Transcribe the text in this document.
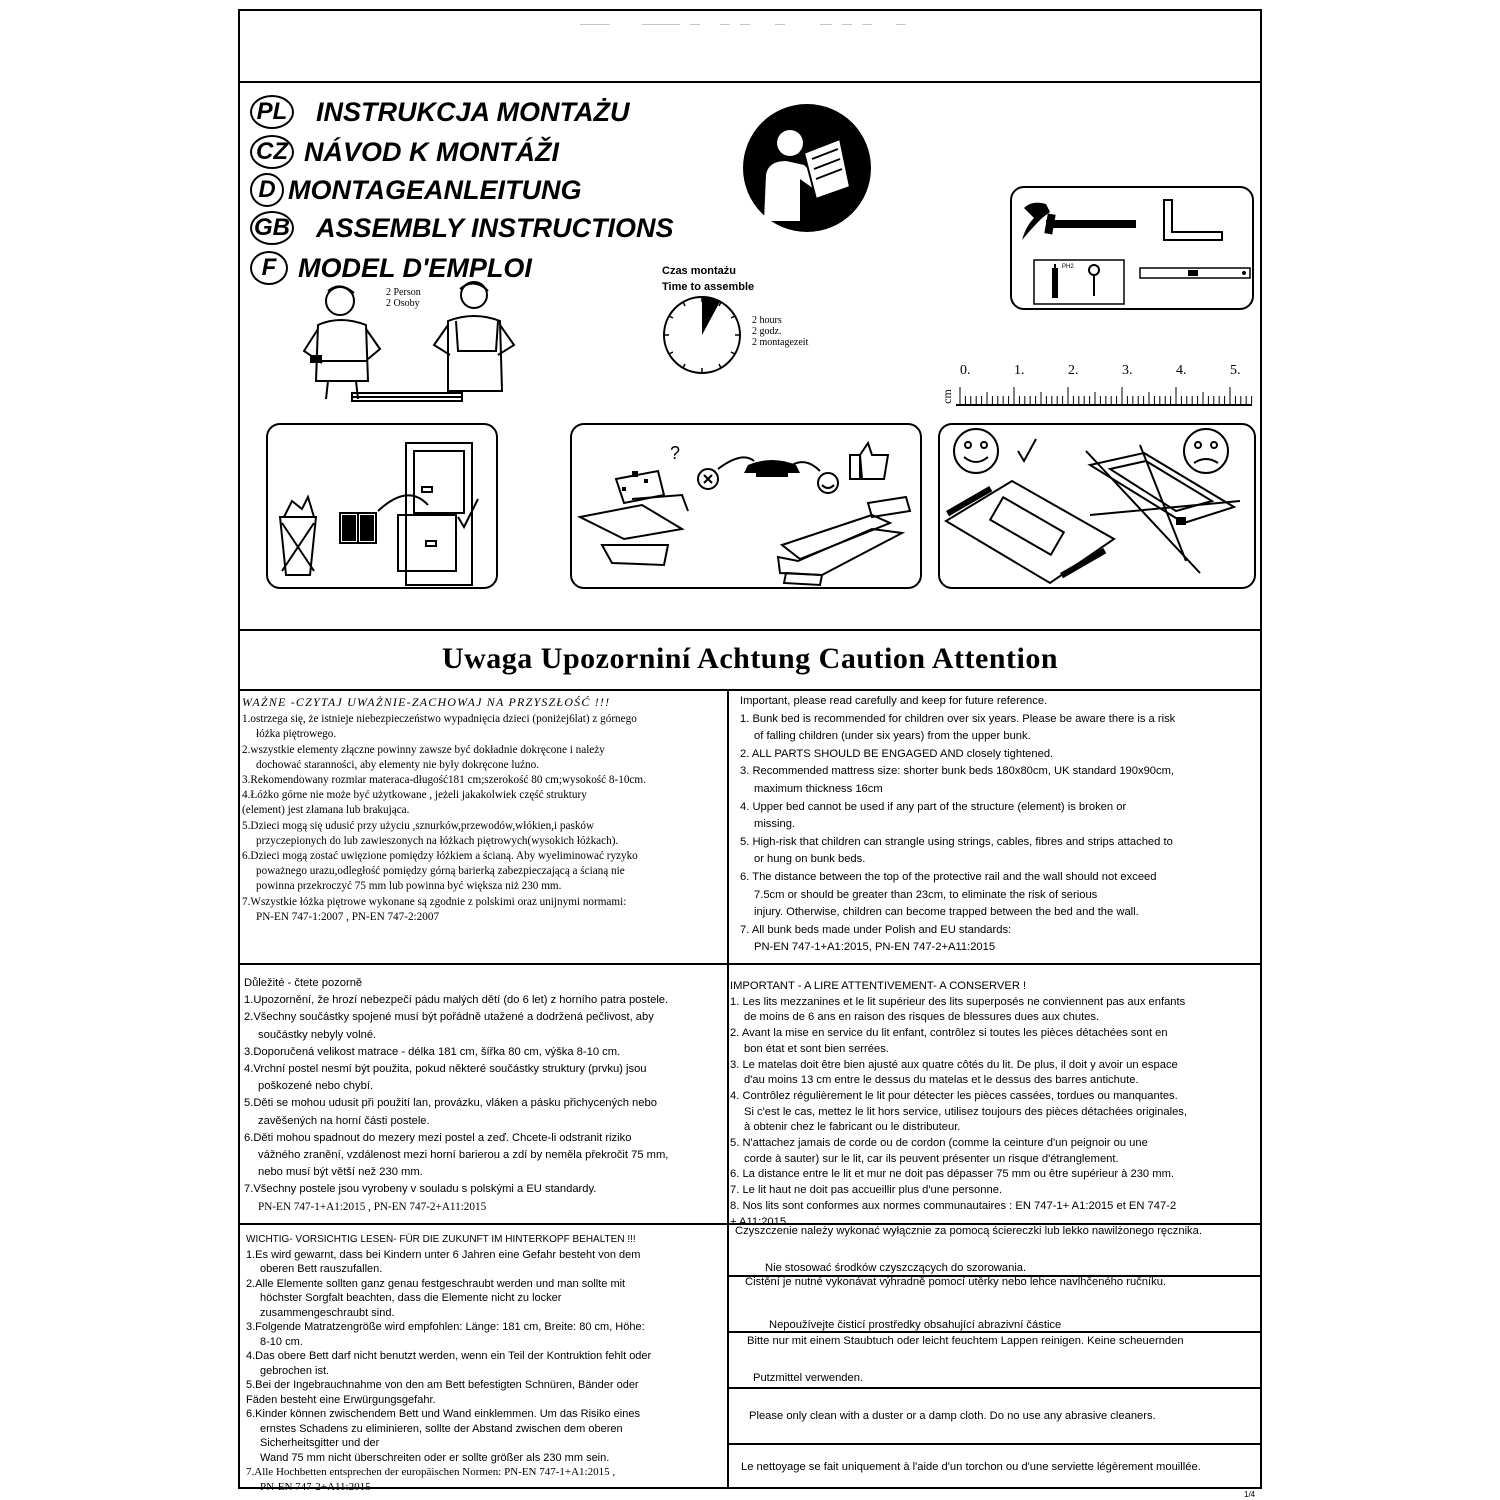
PL INSTRUKCJA MONTAŻU
CZ NÁVOD K MONTÁŽI
D MONTAGEANLEITUNG
GB ASSEMBLY INSTRUCTIONS
F MODEL D'EMPLOI	PH2
2 Person
2 Osoby
Czas montażu
Time to assemble
2 hours
2 godz.
2 montagezeit
0.	1.	2.	3.	4.	5.
cm
?
Uwaga Upozorniní Achtung Caution Attention

WAŻNE -CZYTAJ UWAŻNIE-ZACHOWAJ NA PRZYSZŁOŚĆ !!!

1.ostrzega się, że istnieje niebezpieczeństwo wypadnięcia dzieci (poniżej6lat) z górnego

łóżka piętrowego.

2.wszystkie elementy złączne powinny zawsze być dokładnie dokręcone i należy

dochować staranności, aby elementy nie były dokręcone luźno.

3.Rekomendowany rozmiar materaca-długość181 cm;szerokość 80 cm;wysokość 8-10cm.

4.Łóżko górne nie może być użytkowane , jeżeli jakakolwiek część struktury

(element) jest złamana lub brakująca.

5.Dzieci mogą się udusić przy użyciu ,sznurków,przewodów,włókien,i pasków

przyczepionych do lub zawieszonych na łóżkach piętrowych(wysokich łóżkach).

6.Dzieci mogą zostać uwięzione pomiędzy łóżkiem a ścianą. Aby wyeliminować ryzyko

poważnego urazu,odległość pomiędzy górną barierką zabezpieczającą a ścianą nie

powinna przekroczyć 75 mm lub powinna być większa niż 230 mm.

7.Wszystkie łóżka piętrowe wykonane są zgodnie z polskimi oraz unijnymi normami:

PN-EN 747-1:2007 , PN-EN 747-2:2007

Important, please read carefully and keep for future reference.

1. Bunk bed is recommended for children over six years. Please be aware there is a risk

of falling children (under six years) from the upper bunk.

2. ALL PARTS SHOULD BE ENGAGED AND closely tightened.

3. Recommended mattress size: shorter bunk beds 180x80cm, UK standard 190x90cm,

maximum thickness 16cm

4. Upper bed cannot be used if any part of the structure (element) is broken or

missing.

5. High-risk that children can strangle using strings, cables, fibres and strips attached to

or hung on bunk beds.

6. The distance between the top of the protective rail and the wall should not exceed

7.5cm or should be greater than 23cm, to eliminate the risk of serious

injury. Otherwise, children can become trapped between the bed and the wall.

7. All bunk beds made under Polish and EU standards:

PN-EN 747-1+A1:2015, PN-EN 747-2+A11:2015

Důležité - čtete pozorně

1.Upozornění, že hrozí nebezpečí pádu malých dětí (do 6 let) z horního patra postele.

2.Všechny součástky spojené musí být pořádně utažené a dodržená pečlivost, aby

součástky nebyly volné.

3.Doporučená velikost matrace - délka 181 cm, šířka 80 cm, výška 8-10 cm.

4.Vrchní postel nesmí být použita, pokud některé součástky struktury (prvku) jsou

poškozené nebo chybí.

5.Děti se mohou udusit při použití lan, provázku, vláken a pásku přichycených nebo

zavěšených na horní části postele.

6.Děti mohou spadnout do mezery mezi postel a zeď. Chcete-li odstranit riziko

vážného zranění, vzdálenost mezi horní barierou a zdí by neměla překročit 75 mm,

nebo musí být větší než 230 mm.

7.Všechny postele jsou vyrobeny v souladu s polskými a EU standardy.

PN-EN 747-1+A1:2015 , PN-EN 747-2+A11:2015

IMPORTANT - A LIRE ATTENTIVEMENT- A CONSERVER !

1. Les lits mezzanines et le lit supérieur des lits superposés ne conviennent pas aux enfants

de moins de 6 ans en raison des risques de blessures dues aux chutes.

2. Avant la mise en service du lit enfant, contrôlez si toutes les pièces détachées sont en

bon état et sont bien serrées.

3. Le matelas doit être bien ajusté aux quatre côtés du lit. De plus, il doit y avoir un espace

d'au moins 13 cm entre le dessus du matelas et le dessus des barres antichute.

4. Contrôlez régulièrement le lit pour détecter les pièces cassées, tordues ou manquantes.

Si c'est le cas, mettez le lit hors service, utilisez toujours des pièces détachées originales,

à obtenir chez le fabricant ou le distributeur.

5. N'attachez jamais de corde ou de cordon (comme la ceinture d'un peignoir ou une

corde à sauter) sur le lit, car ils peuvent présenter un risque d'étranglement.

6. La distance entre le lit et mur ne doit pas dépasser 75 mm ou être supérieur à 230 mm.

7. Le lit haut ne doit pas accueillir plus d'une personne.

8. Nos lits sont conformes aux normes communautaires : EN 747-1+ A1:2015 et EN 747-2

+ A11:2015

WICHTIG- VORSICHTIG LESEN- FÜR DIE ZUKUNFT IM HINTERKOPF BEHALTEN !!!

1.Es wird gewarnt, dass bei Kindern unter 6 Jahren eine Gefahr besteht von dem

oberen Bett rauszufallen.

2.Alle Elemente sollten ganz genau festgeschraubt werden und man sollte mit

höchster Sorgfalt beachten, dass die Elemente nicht zu locker

zusammengeschraubt sind.

3.Folgende Matratzengröße wird empfohlen: Länge: 181 cm, Breite: 80 cm, Höhe:

8-10 cm.

4.Das obere Bett darf nicht benutzt werden, wenn ein Teil der Kontruktion fehlt oder

gebrochen ist.

5.Bei der Ingebrauchnahme von den am Bett befestigten Schnüren, Bänder oder

Fäden besteht eine Erwürgungsgefahr.

6.Kinder können zwischendem Bett und Wand einklemmen. Um das Risiko eines

ernstes Schadens zu eliminieren, sollte der Abstand zwischen dem oberen

Sicherheitsgitter und der

Wand 75 mm nicht überschreiten oder er sollte größer als 230 mm sein.

7.Alle Hochbetten entsprechen der europäischen Normen: PN-EN 747-1+A1:2015 ,

PN-EN 747-2+A11:2015

Czyszczenie należy wykonać wyłącznie za pomocą ściereczki lub lekko nawilżonego ręcznika.

Nie stosować środków czyszczących do szorowania.

Čistění je nutné vykonávat výhradně pomocí utěrky nebo lehce navlhčeného ručníku.

Nepoužívejte čisticí prostředky obsahující abrazivní částice

Bitte nur mit einem Staubtuch oder leicht feuchtem Lappen reinigen. Keine scheuernden

Putzmittel verwenden.

Please only clean with a duster or a damp cloth. Do no use any abrasive cleaners.

Le nettoyage se fait uniquement à l'aide d'un torchon ou d'une serviette légèrement mouillée.

1/4
